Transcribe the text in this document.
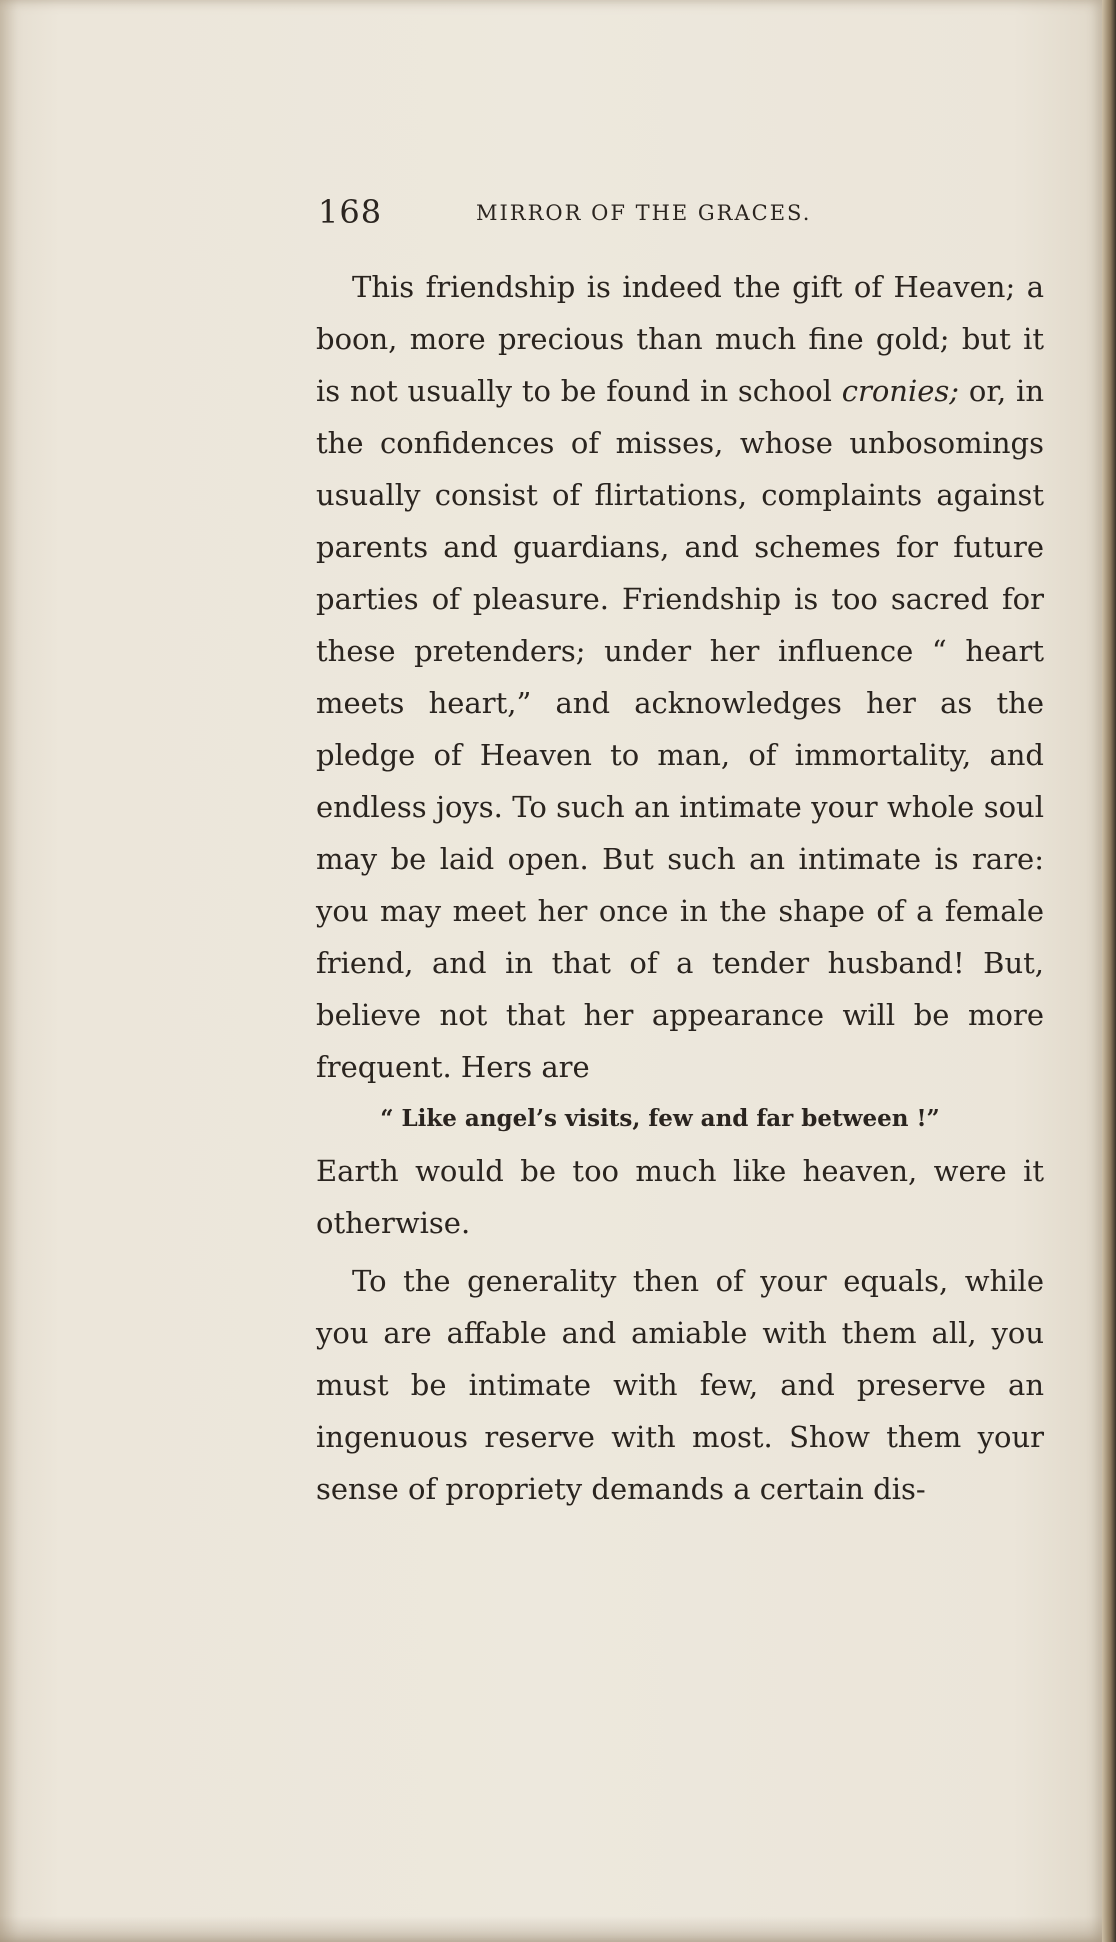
168	MIRROR OF THE GRACES.

This friendship is indeed the gift of Heaven; a boon, more precious than much fine gold; but it is not usually to be found in school cronies; or, in the confidences of misses, whose unbosomings usually consist of flirtations, complaints against parents and guardians, and schemes for future parties of pleasure. Friendship is too sacred for these pretenders; under her influence “ heart meets heart,” and acknowledges her as the pledge of Heaven to man, of immortality, and endless joys. To such an intimate your whole soul may be laid open. But such an intimate is rare: you may meet her once in the shape of a female friend, and in that of a tender husband! But, believe not that her appearance will be more frequent. Hers are

“ Like angel’s visits, few and far between !”

Earth would be too much like heaven, were it otherwise.

To the generality then of your equals, while you are affable and amiable with them all, you must be intimate with few, and preserve an ingenuous reserve with most. Show them your sense of propriety demands a certain dis-
